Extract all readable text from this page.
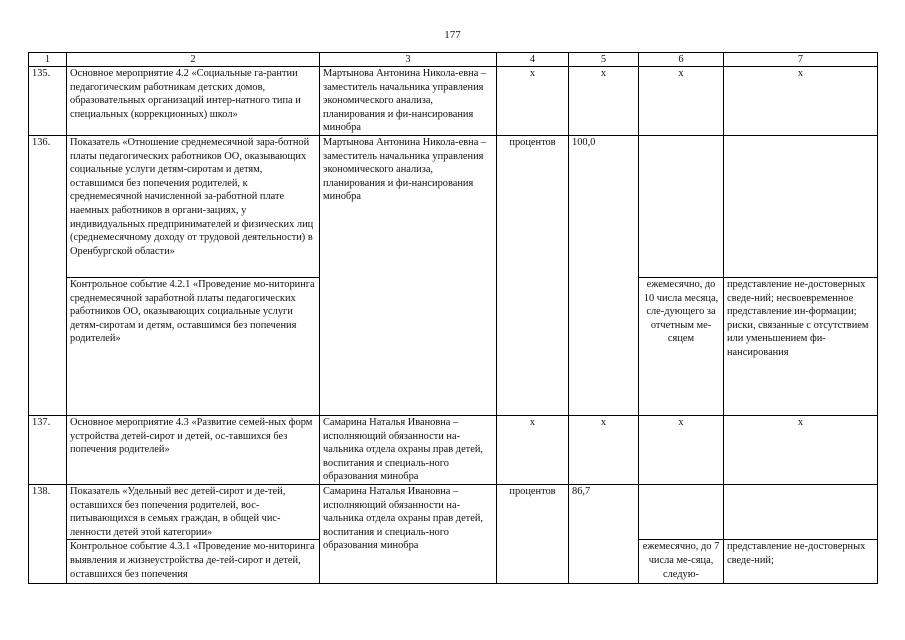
177
1	2	3	4	5	6	7
135.	Основное мероприятие 4.2 «Социальные га-рантии педагогическим работникам детских домов, образовательных организаций интер-натного типа и специальных (коррекционных) школ»	Мартынова Антонина Никола-евна – заместитель начальника управления экономического анализа, планирования и фи-нансирования минобра	х	х	х	х
136.	Показатель «Отношение среднемесячной зара-ботной платы педагогических работников ОО, оказывающих социальные услуги детям-сиротам и детям, оставшимся без попечения родителей, к среднемесячной начисленной за-работной плате наемных работников в органи-зациях, у индивидуальных предпринимателей и физических лиц (среднемесячному доходу от трудовой деятельности) в Оренбургской области»	Мартынова Антонина Никола-евна – заместитель начальника управления экономического анализа, планирования и фи-нансирования минобра	процентов	100,0		
	Контрольное событие 4.2.1 «Проведение мо-ниторинга среднемесячной заработной платы педагогических работников ОО, оказывающих социальные услуги детям-сиротам и детям, оставшимся без попечения родителей»				ежемесячно, до 10 числа месяца, сле-дующего за отчетным ме-сяцем	представление не-достоверных сведе-ний; несвоевременное представление ин-формации; риски, связанные с отсутствием или уменьшением фи-нансирования
137.	Основное мероприятие 4.3 «Развитие семей-ных форм устройства детей-сирот и детей, ос-тавшихся без попечения родителей»	Самарина Наталья Ивановна – исполняющий обязанности на-чальника отдела охраны прав детей, воспитания и специаль-ного образования минобра	х	х	х	х
138.	Показатель «Удельный вес детей-сирот и де-тей, оставшихся без попечения родителей, вос-питывающихся в семьях граждан, в общей чис-ленности детей этой категории»	Самарина Наталья Ивановна – исполняющий обязанности на-чальника отдела охраны прав детей, воспитания и специаль-ного образования минобра	процентов	86,7		
	Контрольное событие 4.3.1 «Проведение мо-ниторинга выявления и жизнеустройства де-тей-сирот и детей, оставшихся без попечения				ежемесячно, до 7 числа ме-сяца, следую-	представление не-достоверных сведе-ний;
